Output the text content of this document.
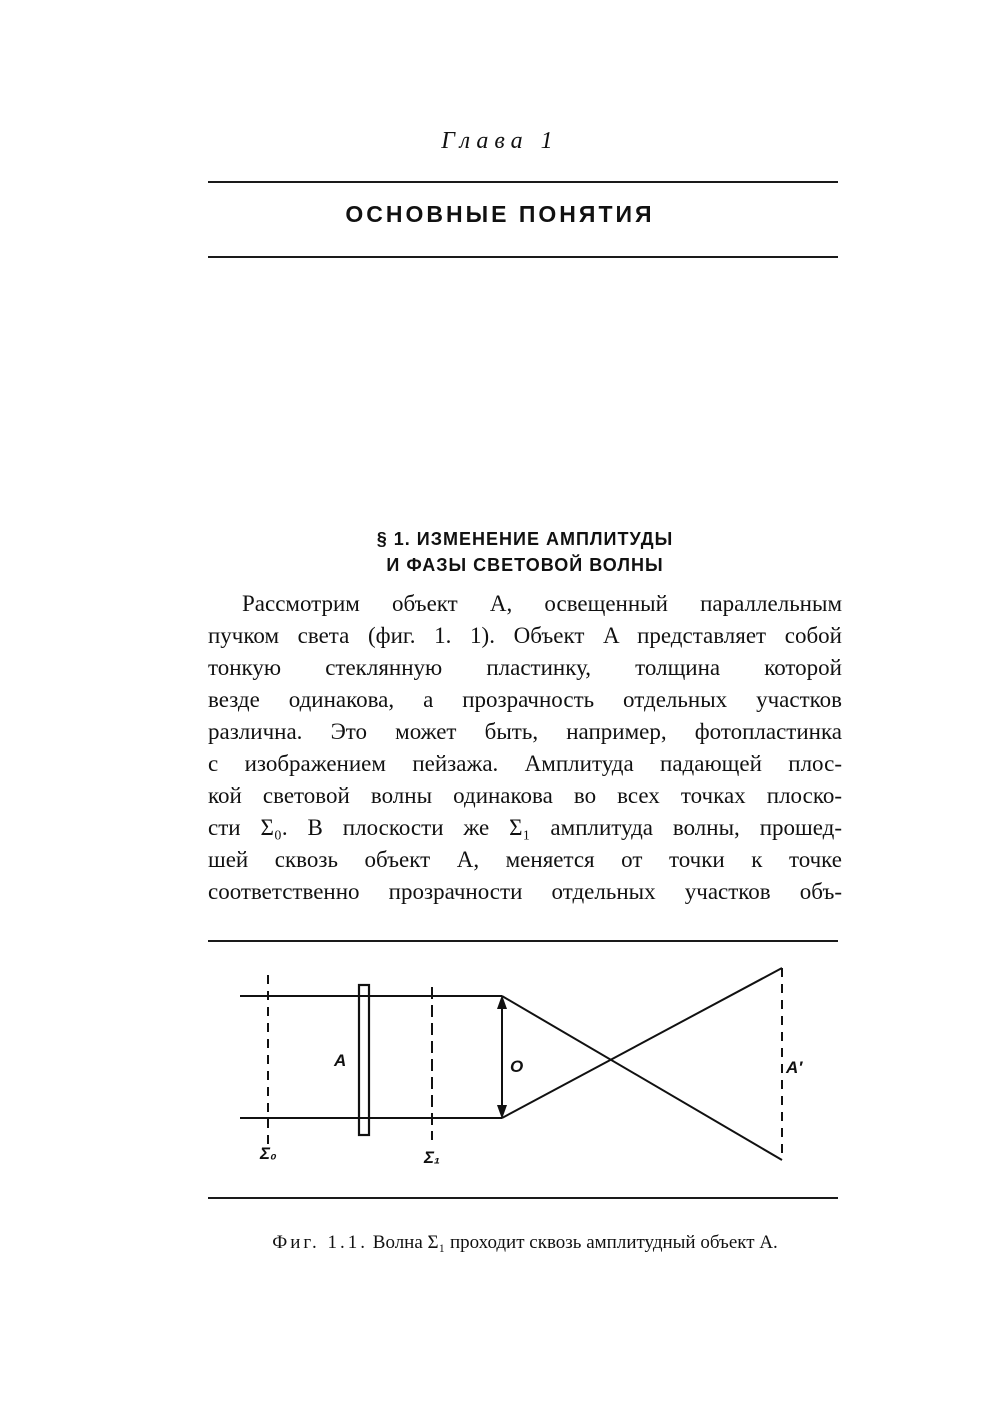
Глава 1
ОСНОВНЫЕ ПОНЯТИЯ
§ 1. ИЗМЕНЕНИЕ АМПЛИТУДЫ
И ФАЗЫ СВЕТОВОЙ ВОЛНЫ
Рассмотрим объект A, освещенный параллельным
пучком света (фиг. 1. 1). Объект A представляет собой
тонкую стеклянную пластинку, толщина которой
везде одинакова, а прозрачность отдельных участков
различна. Это может быть, например, фотопластинка
с изображением пейзажа. Амплитуда падающей плос-
кой световой волны одинакова во всех точках плоско-
сти Σ₀. В плоскости же Σ₁ амплитуда волны, прошед-
шей сквозь объект A, меняется от точки к точке
соответственно прозрачности отдельных участков объ-
A	O	A′
Σ₀	Σ₁
Фиг. 1.1. Волна Σ₁ проходит сквозь амплитудный объект A.
